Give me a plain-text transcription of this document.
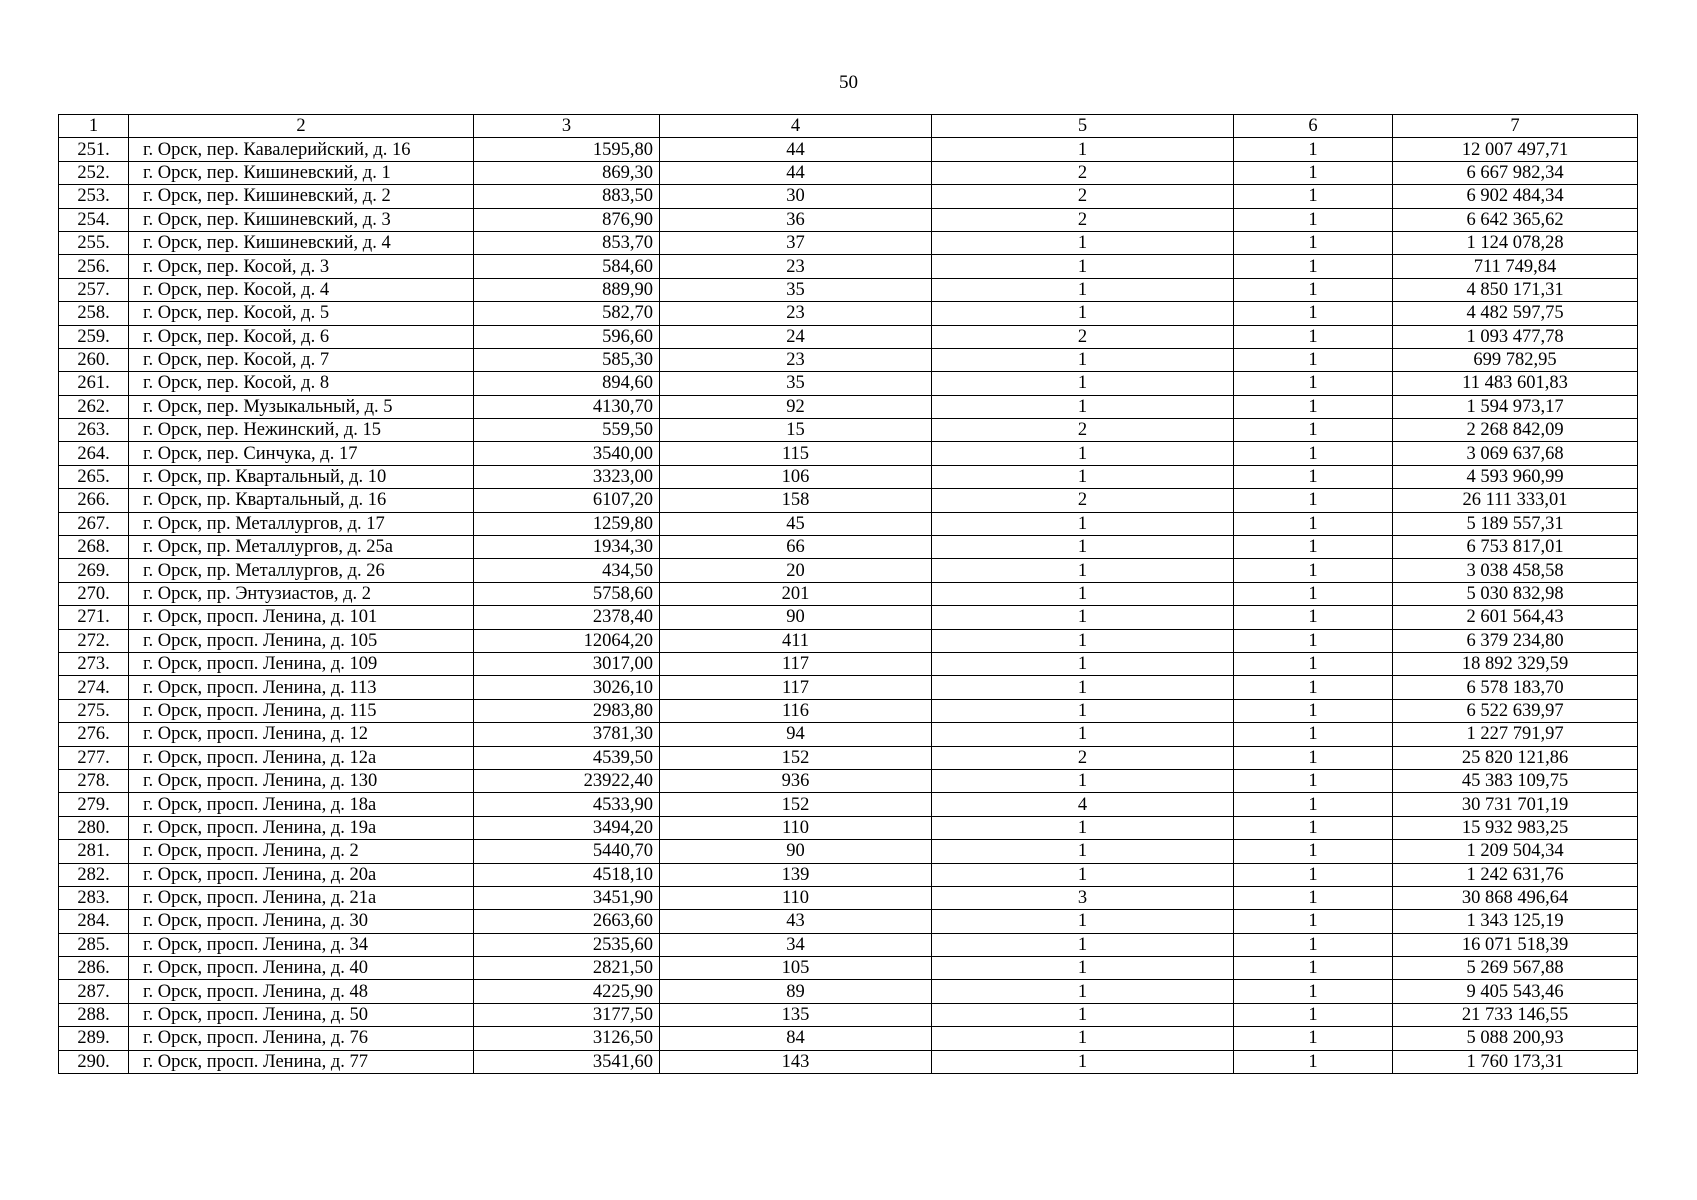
50
1	2	3	4	5	6	7
251.	г. Орск, пер. Кавалерийский, д. 16	1595,80	44	1	1	12 007 497,71
252.	г. Орск, пер. Кишиневский, д. 1	869,30	44	2	1	6 667 982,34
253.	г. Орск, пер. Кишиневский, д. 2	883,50	30	2	1	6 902 484,34
254.	г. Орск, пер. Кишиневский, д. 3	876,90	36	2	1	6 642 365,62
255.	г. Орск, пер. Кишиневский, д. 4	853,70	37	1	1	1 124 078,28
256.	г. Орск, пер. Косой, д. 3	584,60	23	1	1	711 749,84
257.	г. Орск, пер. Косой, д. 4	889,90	35	1	1	4 850 171,31
258.	г. Орск, пер. Косой, д. 5	582,70	23	1	1	4 482 597,75
259.	г. Орск, пер. Косой, д. 6	596,60	24	2	1	1 093 477,78
260.	г. Орск, пер. Косой, д. 7	585,30	23	1	1	699 782,95
261.	г. Орск, пер. Косой, д. 8	894,60	35	1	1	11 483 601,83
262.	г. Орск, пер. Музыкальный, д. 5	4130,70	92	1	1	1 594 973,17
263.	г. Орск, пер. Нежинский, д. 15	559,50	15	2	1	2 268 842,09
264.	г. Орск, пер. Синчука, д. 17	3540,00	115	1	1	3 069 637,68
265.	г. Орск, пр. Квартальный, д. 10	3323,00	106	1	1	4 593 960,99
266.	г. Орск, пр. Квартальный, д. 16	6107,20	158	2	1	26 111 333,01
267.	г. Орск, пр. Металлургов, д. 17	1259,80	45	1	1	5 189 557,31
268.	г. Орск, пр. Металлургов, д. 25а	1934,30	66	1	1	6 753 817,01
269.	г. Орск, пр. Металлургов, д. 26	434,50	20	1	1	3 038 458,58
270.	г. Орск, пр. Энтузиастов, д. 2	5758,60	201	1	1	5 030 832,98
271.	г. Орск, просп. Ленина, д. 101	2378,40	90	1	1	2 601 564,43
272.	г. Орск, просп. Ленина, д. 105	12064,20	411	1	1	6 379 234,80
273.	г. Орск, просп. Ленина, д. 109	3017,00	117	1	1	18 892 329,59
274.	г. Орск, просп. Ленина, д. 113	3026,10	117	1	1	6 578 183,70
275.	г. Орск, просп. Ленина, д. 115	2983,80	116	1	1	6 522 639,97
276.	г. Орск, просп. Ленина, д. 12	3781,30	94	1	1	1 227 791,97
277.	г. Орск, просп. Ленина, д. 12а	4539,50	152	2	1	25 820 121,86
278.	г. Орск, просп. Ленина, д. 130	23922,40	936	1	1	45 383 109,75
279.	г. Орск, просп. Ленина, д. 18а	4533,90	152	4	1	30 731 701,19
280.	г. Орск, просп. Ленина, д. 19а	3494,20	110	1	1	15 932 983,25
281.	г. Орск, просп. Ленина, д. 2	5440,70	90	1	1	1 209 504,34
282.	г. Орск, просп. Ленина, д. 20а	4518,10	139	1	1	1 242 631,76
283.	г. Орск, просп. Ленина, д. 21а	3451,90	110	3	1	30 868 496,64
284.	г. Орск, просп. Ленина, д. 30	2663,60	43	1	1	1 343 125,19
285.	г. Орск, просп. Ленина, д. 34	2535,60	34	1	1	16 071 518,39
286.	г. Орск, просп. Ленина, д. 40	2821,50	105	1	1	5 269 567,88
287.	г. Орск, просп. Ленина, д. 48	4225,90	89	1	1	9 405 543,46
288.	г. Орск, просп. Ленина, д. 50	3177,50	135	1	1	21 733 146,55
289.	г. Орск, просп. Ленина, д. 76	3126,50	84	1	1	5 088 200,93
290.	г. Орск, просп. Ленина, д. 77	3541,60	143	1	1	1 760 173,31
